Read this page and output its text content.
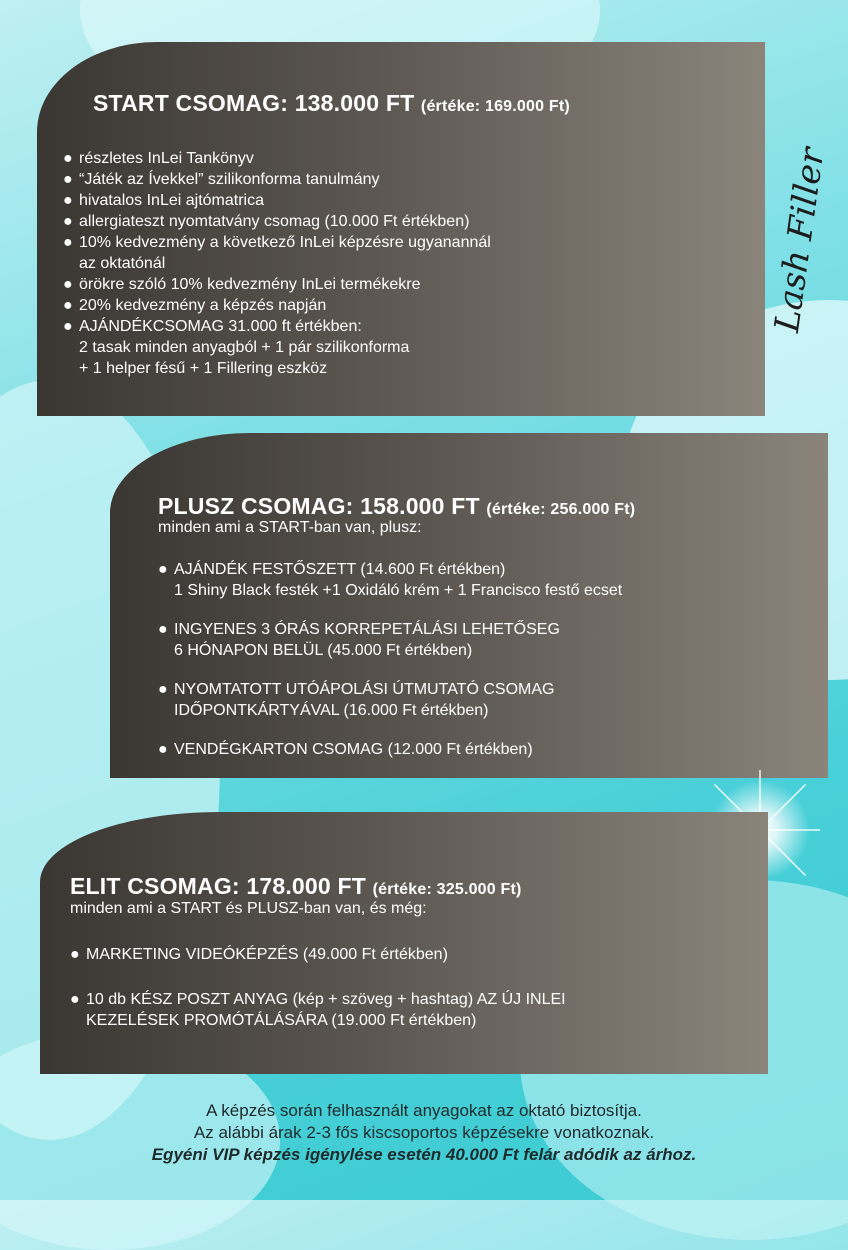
START CSOMAG: 138.000 FT (értéke: 169.000 Ft)
● részletes InLei Tankönyv
● “Játék az Ívekkel” szilikonforma tanulmány
● hivatalos InLei ajtómatrica
● allergiateszt nyomtatvány csomag (10.000 Ft értékben)
● 10% kedvezmény a következő InLei képzésre ugyanannál
az oktatónál
● örökre szóló 10% kedvezmény InLei termékekre
● 20% kedvezmény a képzés napján
● AJÁNDÉKCSOMAG 31.000 ft értékben:
2 tasak minden anyagból + 1 pár szilikonforma
+ 1 helper fésű + 1 Fillering eszköz
Lash Filler
PLUSZ CSOMAG: 158.000 FT (értéke: 256.000 Ft)
minden ami a START-ban van, plusz:
● AJÁNDÉK FESTŐSZETT (14.600 Ft értékben)
1 Shiny Black festék +1 Oxidáló krém + 1 Francisco festő ecset
● INGYENES 3 ÓRÁS KORREPETÁLÁSI LEHETŐSEG
6 HÓNAPON BELÜL (45.000 Ft értékben)
● NYOMTATOTT UTÓÁPOLÁSI ÚTMUTATÓ CSOMAG
IDŐPONTKÁRTYÁVAL (16.000 Ft értékben)
● VENDÉGKARTON CSOMAG (12.000 Ft értékben)
ELIT CSOMAG: 178.000 FT (értéke: 325.000 Ft)
minden ami a START és PLUSZ-ban van, és még:
● MARKETING VIDEÓKÉPZÉS (49.000 Ft értékben)
● 10 db KÉSZ POSZT ANYAG (kép + szöveg + hashtag) AZ ÚJ INLEI
KEZELÉSEK PROMÓTÁLÁSÁRA (19.000 Ft értékben)
A képzés során felhasznált anyagokat az oktató biztosítja.
Az alábbi árak 2-3 fős kiscsoportos képzésekre vonatkoznak.
Egyéni VIP képzés igénylése esetén 40.000 Ft felár adódik az árhoz.
